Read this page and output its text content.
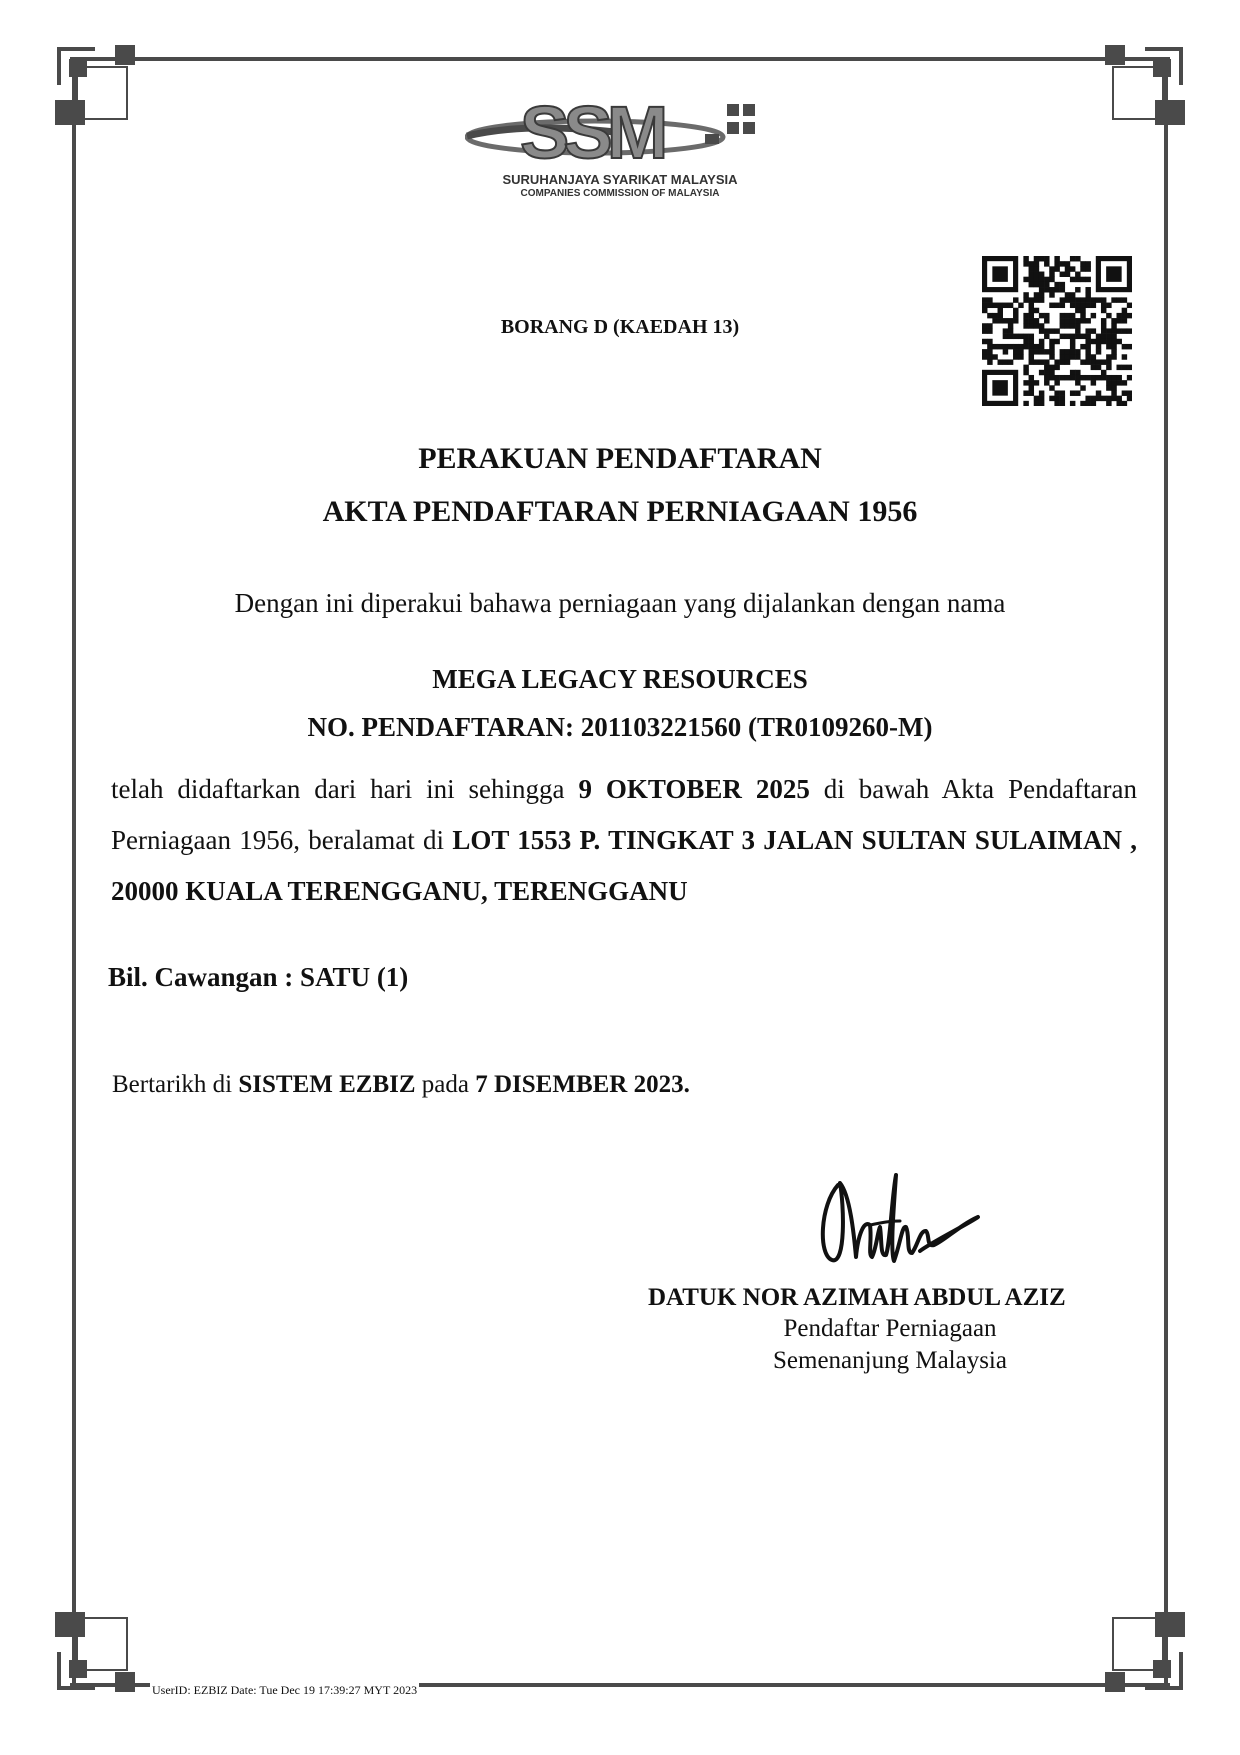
SSM
SURUHANJAYA SYARIKAT MALAYSIA
COMPANIES COMMISSION OF MALAYSIA
BORANG D (KAEDAH 13)
PERAKUAN PENDAFTARAN
AKTA PENDAFTARAN PERNIAGAAN 1956
Dengan ini diperakui bahawa perniagaan yang dijalankan dengan nama
MEGA LEGACY RESOURCES
NO. PENDAFTARAN: 201103221560 (TR0109260-M)
telah didaftarkan dari hari ini sehingga 9 OKTOBER 2025 di bawah Akta Pendaftaran Perniagaan 1956, beralamat di LOT 1553 P. TINGKAT 3 JALAN SULTAN SULAIMAN , 20000 KUALA TERENGGANU, TERENGGANU
Bil. Cawangan : SATU (1)
Bertarikh di SISTEM EZBIZ pada 7 DISEMBER 2023.
DATUK NOR AZIMAH ABDUL AZIZ
Pendaftar Perniagaan
Semenanjung Malaysia
UserID: EZBIZ Date: Tue Dec 19 17:39:27 MYT 2023
